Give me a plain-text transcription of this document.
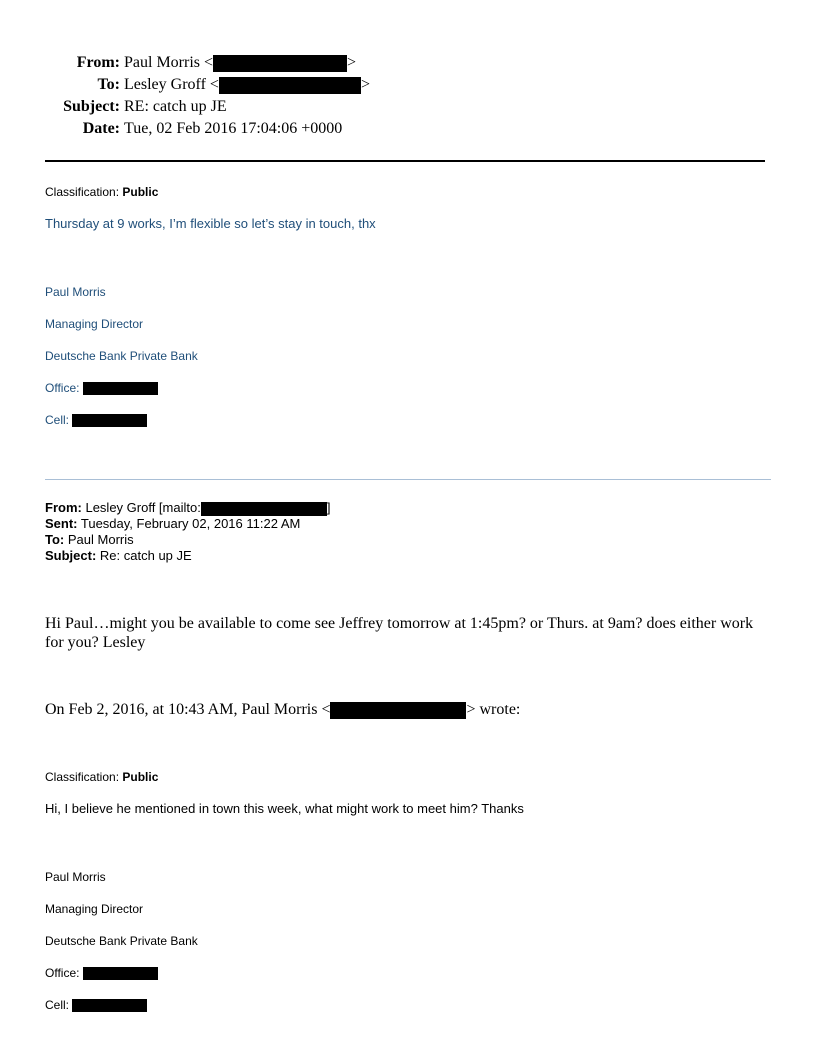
From: Paul Morris <	>
To: Lesley Groff <	>
Subject: RE: catch up JE
Date: Tue, 02 Feb 2016 17:04:06 +0000
Classification: Public
Thursday at 9 works, I’m flexible so let’s stay in touch, thx
Paul Morris
Managing Director
Deutsche Bank Private Bank
Office:
Cell:
From: Lesley Groff [mailto:	]
Sent: Tuesday, February 02, 2016 11:22 AM
To: Paul Morris
Subject: Re: catch up JE
Hi Paul…might you be available to come see Jeffrey tomorrow at 1:45pm? or Thurs. at 9am? does either work
for you? Lesley
On Feb 2, 2016, at 10:43 AM, Paul Morris <	> wrote:
Classification: Public
Hi, I believe he mentioned in town this week, what might work to meet him? Thanks
Paul Morris
Managing Director
Deutsche Bank Private Bank
Office:
Cell:
